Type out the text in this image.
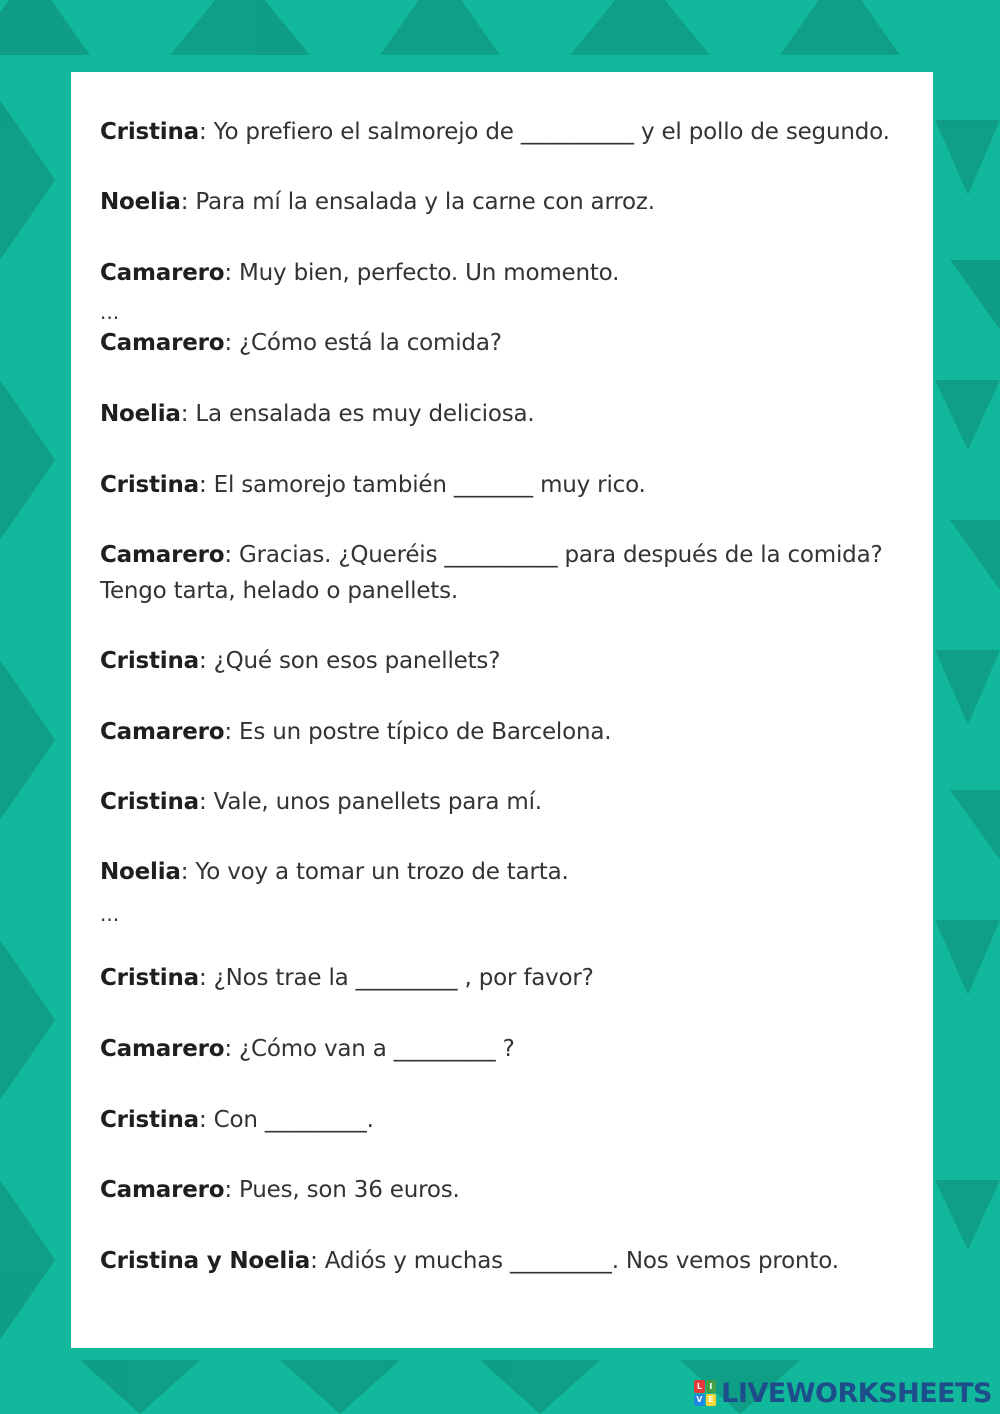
Cristina: Yo prefiero el salmorejo de __________ y el pollo de segundo.
Noelia: Para mí la ensalada y la carne con arroz.
Camarero: Muy bien, perfecto. Un momento.
Camarero: ¿Cómo está la comida?
Noelia: La ensalada es muy deliciosa.
Cristina: El samorejo también _______ muy rico.
Camarero: Gracias. ¿Queréis __________ para después de la comida?
Tengo tarta, helado o panellets.
Cristina: ¿Qué son esos panellets?
Camarero: Es un postre típico de Barcelona.
Cristina: Vale, unos panellets para mí.
Noelia: Yo voy a tomar un trozo de tarta.
Cristina: ¿Nos trae la _________ , por favor?
Camarero: ¿Cómo van a _________ ?
Cristina: Con _________.
Camarero: Pues, son 36 euros.
Cristina y Noelia: Adiós y muchas _________. Nos vemos pronto.
...
...
L I
V E LIVEWORKSHEETS
